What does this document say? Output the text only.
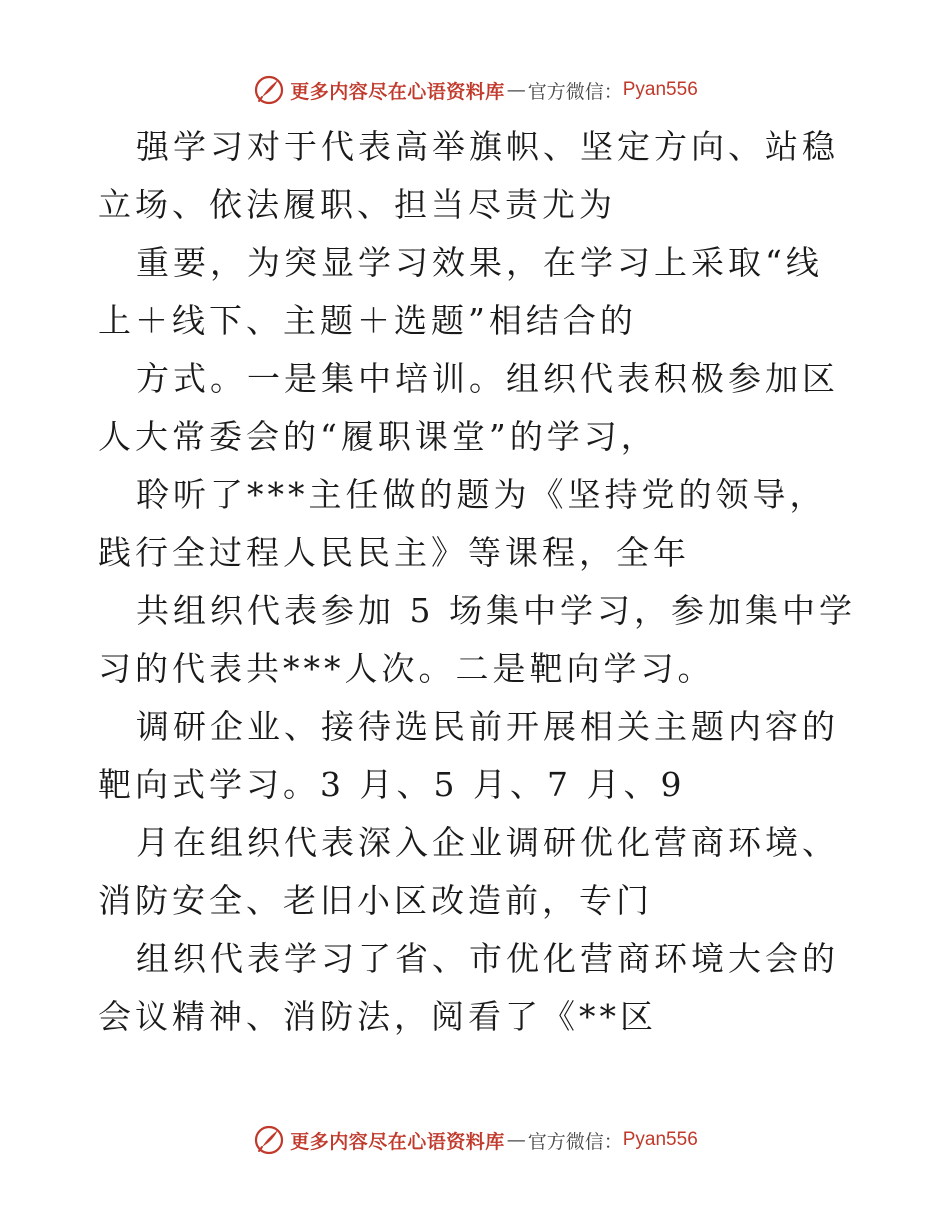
更多内容尽在心语资料库 — 官方微信： Pyan556

强学习对于代表高举旗帜、坚定方向、站稳立场、依法履职、担当尽责尤为

重要，为突显学习效果，在学习上采取“线上＋线下、主题＋选题”相结合的

方式。一是集中培训。组织代表积极参加区人大常委会的“履职课堂”的学习，

聆听了***主任做的题为《坚持党的领导，践行全过程人民民主》等课程，全年

共组织代表参加 5 场集中学习，参加集中学习的代表共***人次。二是靶向学习。

调研企业、接待选民前开展相关主题内容的靶向式学习。3 月、5 月、7 月、9

月在组织代表深入企业调研优化营商环境、消防安全、老旧小区改造前，专门

组织代表学习了省、市优化营商环境大会的会议精神、消防法，阅看了《**区

更多内容尽在心语资料库 — 官方微信： Pyan556
